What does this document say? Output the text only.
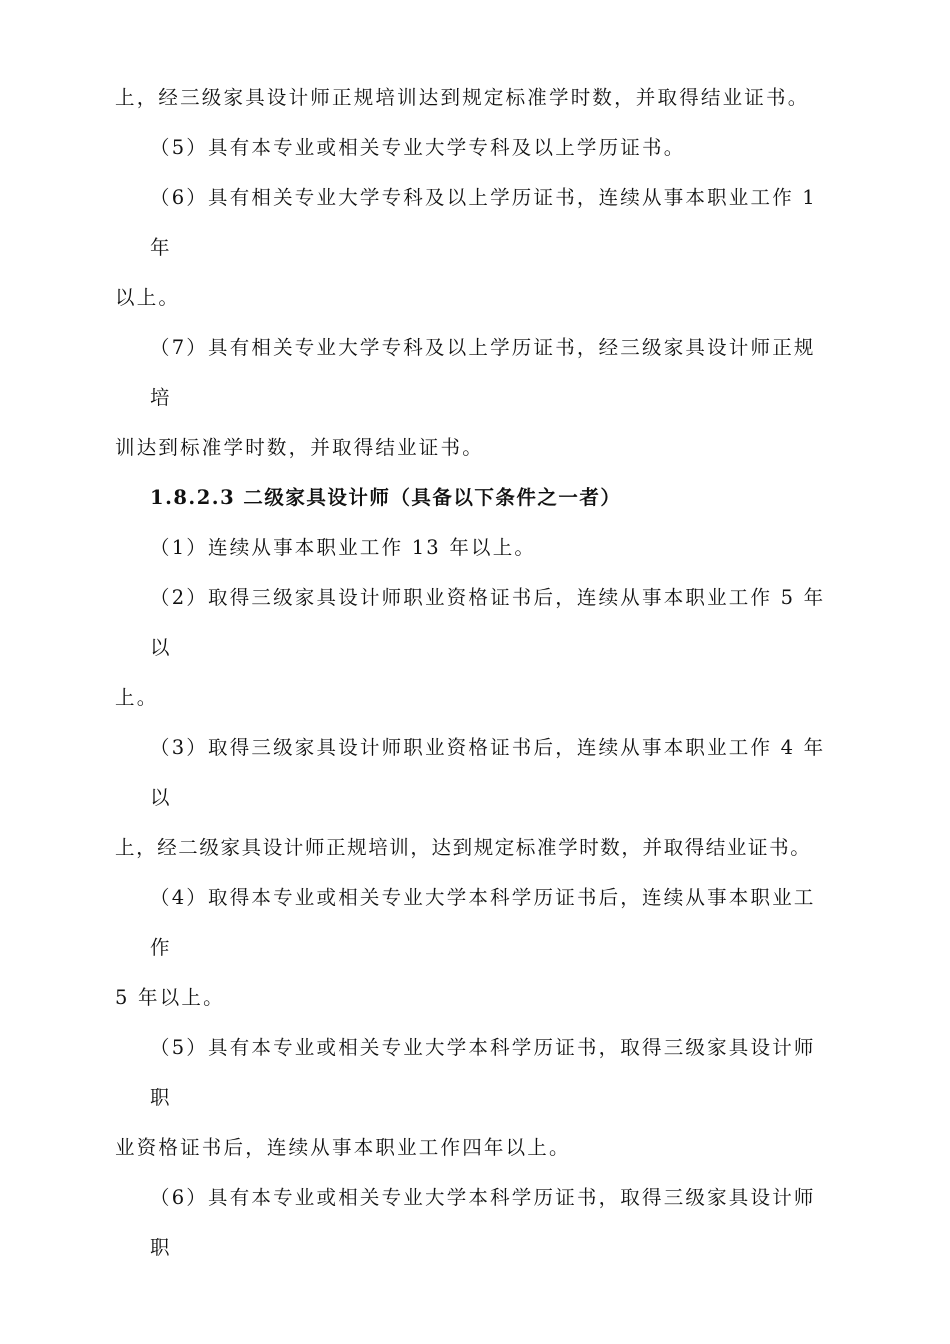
上，经三级家具设计师正规培训达到规定标准学时数，并取得结业证书。
（5）具有本专业或相关专业大学专科及以上学历证书。
（6）具有相关专业大学专科及以上学历证书，连续从事本职业工作 1
年
以上。
（7）具有相关专业大学专科及以上学历证书，经三级家具设计师正规
培
训达到标准学时数，并取得结业证书。
1.8.2.3 二级家具设计师（具备以下条件之一者）
（1）连续从事本职业工作 13 年以上。
（2）取得三级家具设计师职业资格证书后，连续从事本职业工作 5 年
以
上。
（3）取得三级家具设计师职业资格证书后，连续从事本职业工作 4 年
以
上，经二级家具设计师正规培训，达到规定标准学时数，并取得结业证书。
（4）取得本专业或相关专业大学本科学历证书后，连续从事本职业工
作
5 年以上。
（5）具有本专业或相关专业大学本科学历证书，取得三级家具设计师
职
业资格证书后，连续从事本职业工作四年以上。
（6）具有本专业或相关专业大学本科学历证书，取得三级家具设计师
职
